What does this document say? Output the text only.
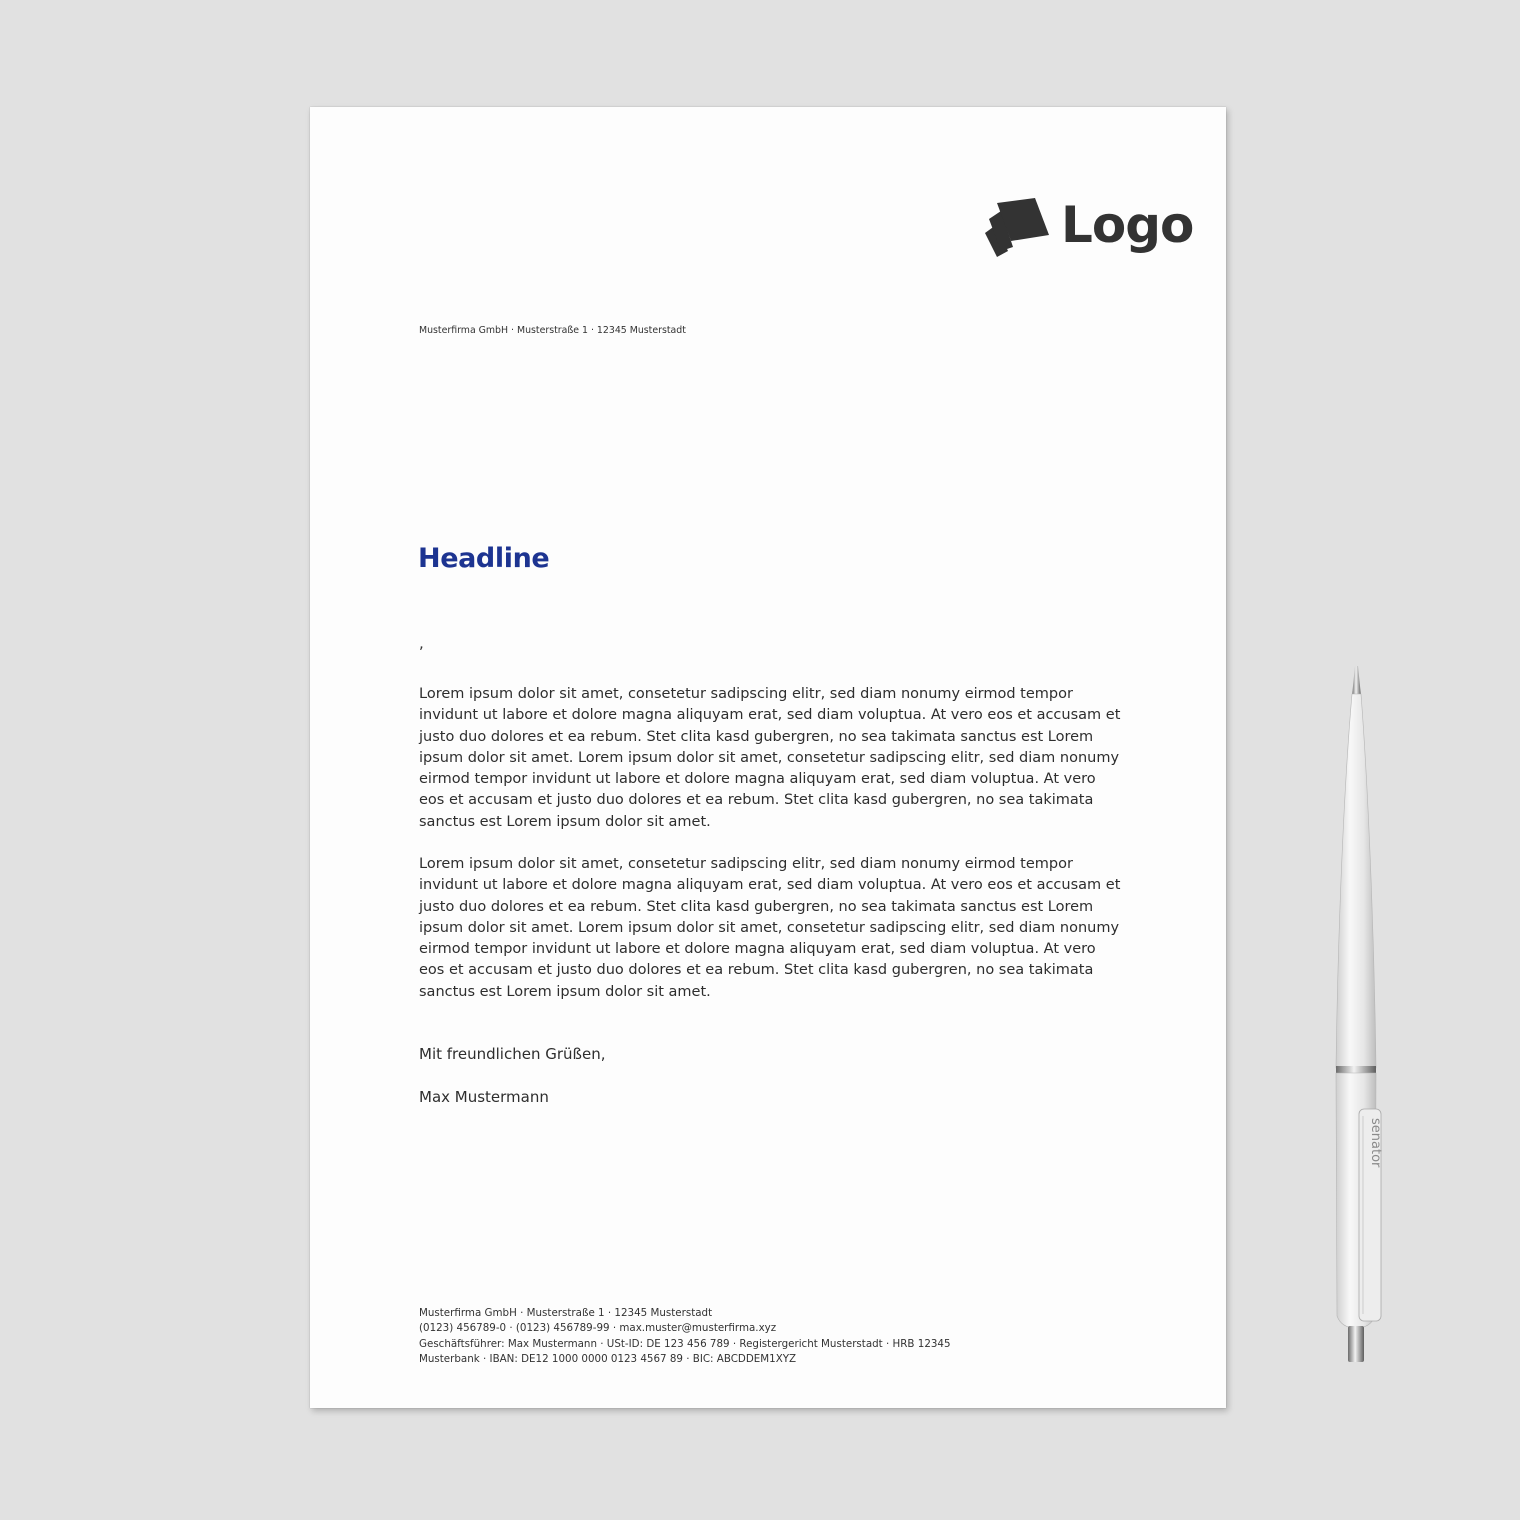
Logo
Musterfirma GmbH · Musterstraße 1 · 12345 Musterstadt
Headline
,

Lorem ipsum dolor sit amet, consetetur sadipscing elitr, sed diam nonumy eirmod tempor invidunt ut labore et dolore magna aliquyam erat, sed diam voluptua. At vero eos et accusam et justo duo dolores et ea rebum. Stet clita kasd gubergren, no sea takimata sanctus est Lorem ipsum dolor sit amet. Lorem ipsum dolor sit amet, consetetur sadipscing elitr, sed diam nonumy eirmod tempor invidunt ut labore et dolore magna aliquyam erat, sed diam voluptua. At vero eos et accusam et justo duo dolores et ea rebum. Stet clita kasd gubergren, no sea takimata sanctus est Lorem ipsum dolor sit amet.

Lorem ipsum dolor sit amet, consetetur sadipscing elitr, sed diam nonumy eirmod tempor invidunt ut labore et dolore magna aliquyam erat, sed diam voluptua. At vero eos et accusam et justo duo dolores et ea rebum. Stet clita kasd gubergren, no sea takimata sanctus est Lorem ipsum dolor sit amet. Lorem ipsum dolor sit amet, consetetur sadipscing elitr, sed diam nonumy eirmod tempor invidunt ut labore et dolore magna aliquyam erat, sed diam voluptua. At vero eos et accusam et justo duo dolores et ea rebum. Stet clita kasd gubergren, no sea takimata sanctus est Lorem ipsum dolor sit amet.

Mit freundlichen Grüßen,
Max Mustermann
Musterfirma GmbH · Musterstraße 1 · 12345 Musterstadt
(0123) 456789-0 · (0123) 456789-99 · max.muster@musterfirma.xyz
Geschäftsführer: Max Mustermann · USt-ID: DE 123 456 789 · Registergericht Musterstadt · HRB 12345
Musterbank · IBAN: DE12 1000 0000 0123 4567 89 · BIC: ABCDDEM1XYZ
senator
